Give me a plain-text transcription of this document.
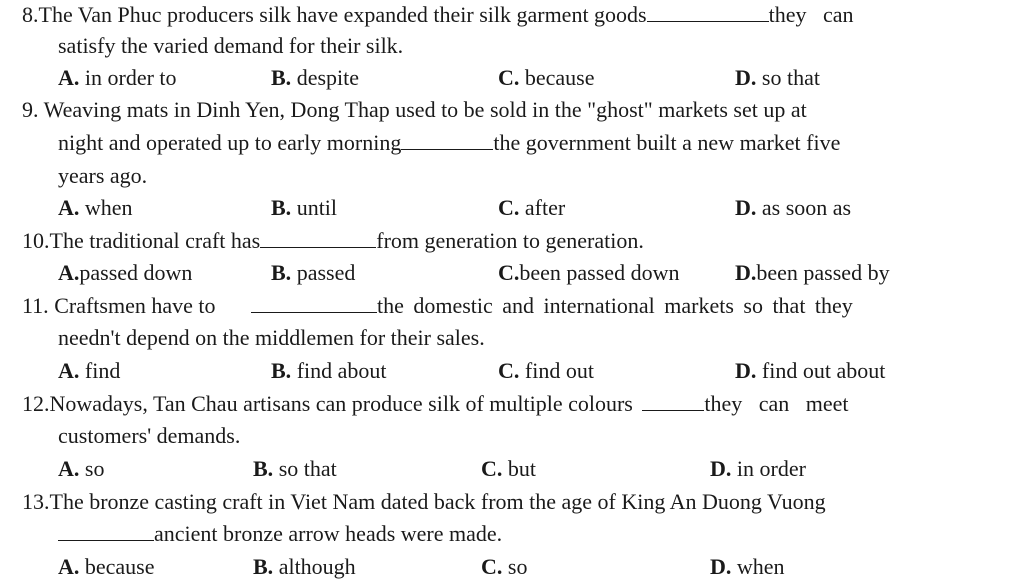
8.The Van Phuc producers silk have expanded their silk garment goods	they   can
satisfy the varied demand for their silk.
A. in order to	B. despite	C. because	D. so that
9. Weaving mats in Dinh Yen, Dong Thap used to be sold in the "ghost" markets set up at
night and operated up to early morning	the government built a new market five
years ago.
A. when	B. until	C. after	D. as soon as
10.The traditional craft has	from generation to generation.
A.passed down	B. passed	C.been passed down	D.been passed by
11. Craftsmen have to	the domestic and international markets so that they
needn't depend on the middlemen for their sales.
A. find	B. find about	C. find out	D. find out about
12.Nowadays, Tan Chau artisans can produce silk of multiple colours	they   can   meet
customers' demands.
A. so	B. so that	C. but	D. in order
13.The bronze casting craft in Viet Nam dated back from the age of King An Duong Vuong
ancient bronze arrow heads were made.
A. because	B. although	C. so	D. when
